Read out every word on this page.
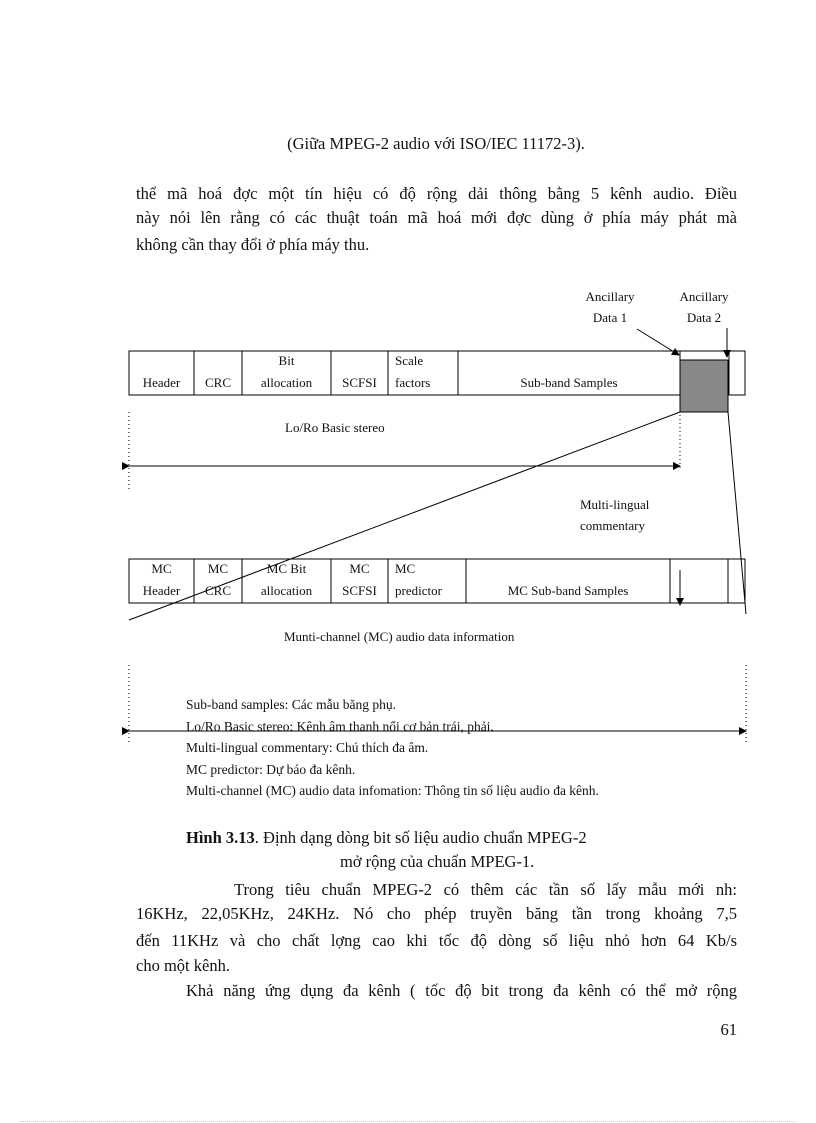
(Giữa MPEG-2 audio với ISO/IEC 11172-3).
thể mã hoá đợc một tín hiệu có độ rộng dải thông bằng 5 kênh audio. Điều
này nói lên rằng có các thuật toán mã hoá mới đợc dùng ở phía máy phát mà
không cần thay đổi ở phía máy thu.
Ancillary
Data 1
Ancillary
Data 2
Header	CRC
Bit
allocation	SCFSI
Scale
factors	Sub-band Samples
Lo/Ro Basic stereo
Multi-lingual
commentary
MC
Header
MC
CRC
MC Bit
allocation
MC
SCFSI
MC
predictor	MC Sub-band Samples
Munti-channel (MC) audio data information
Sub-band samples: Các mẫu băng phụ.
Lo/Ro Basic stereo: Kênh âm thanh nổi cơ bản trái, phải.
Multi-lingual commentary: Chú thích đa âm.
MC predictor: Dự báo đa kênh.
Multi-channel (MC) audio data infomation: Thông tin số liệu audio đa kênh.
Hình 3.13. Định dạng dòng bit số liệu audio chuẩn MPEG-2
mở rộng của chuẩn MPEG-1.
Trong tiêu chuẩn MPEG-2 có thêm các tần số lấy mẫu mới nh:
16KHz, 22,05KHz, 24KHz. Nó cho phép truyền băng tần trong khoảng 7,5
đến 11KHz và cho chất lợng cao khi tốc độ dòng số liệu nhỏ hơn 64 Kb/s
cho một kênh.
Khả năng ứng dụng đa kênh ( tốc độ bit trong đa kênh có thể mở rộng
61
